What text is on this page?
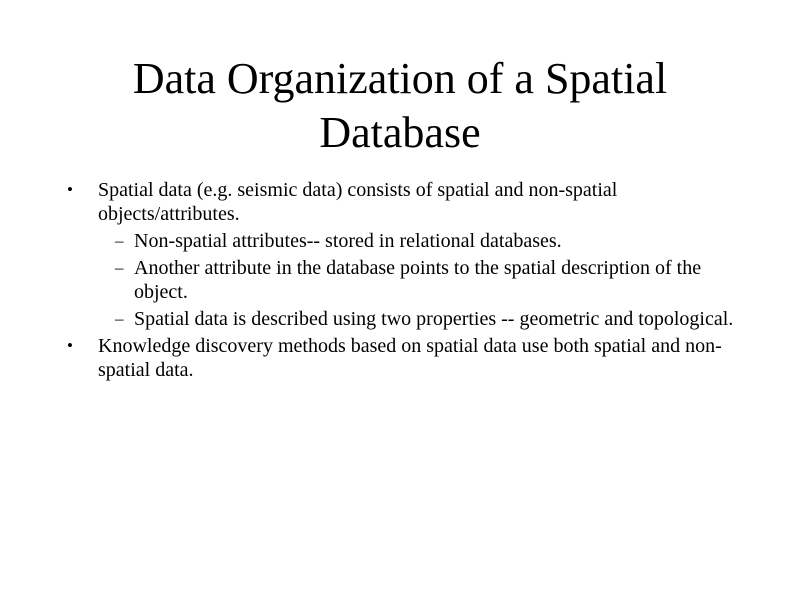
Data Organization of a Spatial
Database
•	Spatial data (e.g. seismic data) consists of spatial and non-spatial objects/attributes.
– Non-spatial attributes-- stored in relational databases.
– Another attribute in the database points to the spatial description of the object.
– Spatial data is described using two properties -- geometric and topological.
•	Knowledge discovery methods based on spatial data use both spatial and non-spatial data.
